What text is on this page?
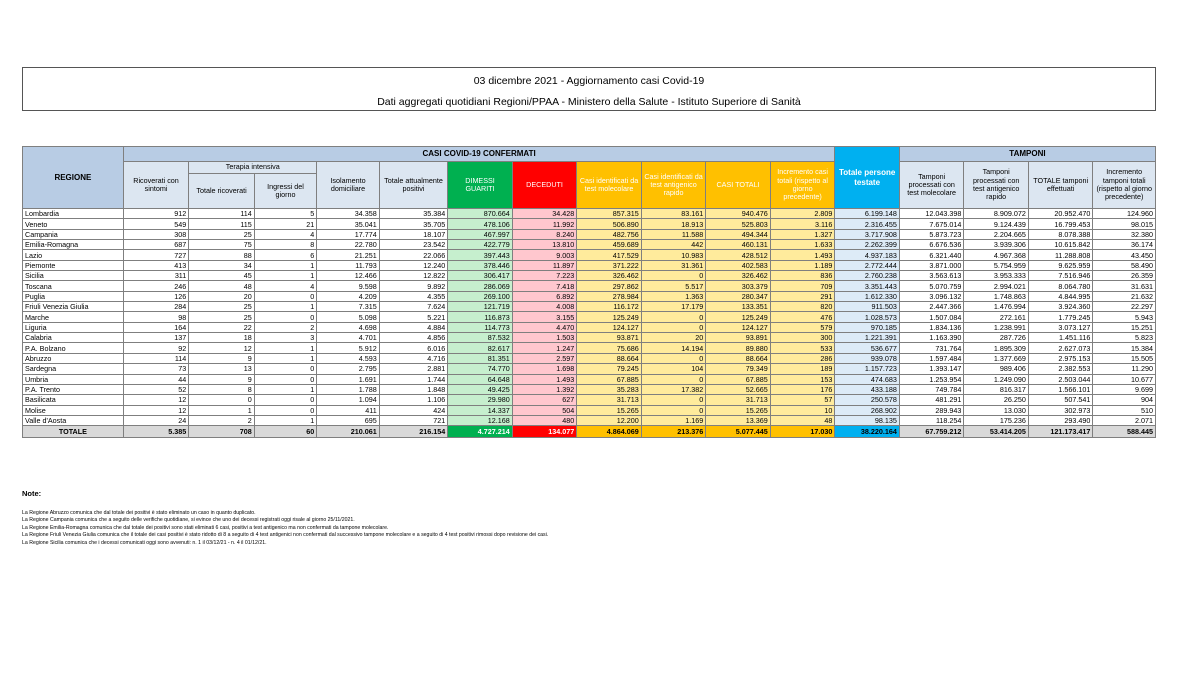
03 dicembre 2021 - Aggiornamento casi Covid-19
Dati aggregati quotidiani Regioni/PPAA - Ministero della Salute - Istituto Superiore di Sanità
REGIONE	CASI COVID-19 CONFERMATI											Totale persone testate	TAMPONI			
	Ricoverati con sintomi	Terapia intensiva		Isolamento domiciliare	Totale attualmente positivi	DIMESSI GUARITI	DECEDUTI	Casi identificati da test molecolare	Casi identificati da test antigenico rapido	CASI TOTALI	Incremento casi totali (rispetto al giorno precedente)		Tamponi processati con test molecolare	Tamponi processati con test antigenico rapido	TOTALE tamponi effettuati	Incremento tamponi totali (rispetto al giorno precedente)
		Totale ricoverati	Ingressi del giorno													
Lombardia	912	114	5	34.358	35.384	870.664	34.428	857.315	83.161	940.476	2.809	6.199.148	12.043.398	8.909.072	20.952.470	124.960
Veneto	549	115	21	35.041	35.705	478.106	11.992	506.890	18.913	525.803	3.116	2.316.455	7.675.014	9.124.439	16.799.453	98.015
Campania	308	25	4	17.774	18.107	467.997	8.240	482.756	11.588	494.344	1.327	3.717.908	5.873.723	2.204.665	8.078.388	32.380
Emilia-Romagna	687	75	8	22.780	23.542	422.779	13.810	459.689	442	460.131	1.633	2.262.399	6.676.536	3.939.306	10.615.842	36.174
Lazio	727	88	6	21.251	22.066	397.443	9.003	417.529	10.983	428.512	1.493	4.937.183	6.321.440	4.967.368	11.288.808	43.450
Piemonte	413	34	1	11.793	12.240	378.446	11.897	371.222	31.361	402.583	1.189	2.772.444	3.871.000	5.754.959	9.625.959	58.490
Sicilia	311	45	1	12.466	12.822	306.417	7.223	326.462	0	326.462	836	2.760.238	3.563.613	3.953.333	7.516.946	26.359
Toscana	246	48	4	9.598	9.892	286.069	7.418	297.862	5.517	303.379	709	3.351.443	5.070.759	2.994.021	8.064.780	31.631
Puglia	126	20	0	4.209	4.355	269.100	6.892	278.984	1.363	280.347	291	1.612.330	3.096.132	1.748.863	4.844.995	21.632
Friuli Venezia Giulia	284	25	1	7.315	7.624	121.719	4.008	116.172	17.179	133.351	820	911.503	2.447.366	1.476.994	3.924.360	22.297
Marche	98	25	0	5.098	5.221	116.873	3.155	125.249	0	125.249	476	1.028.573	1.507.084	272.161	1.779.245	5.943
Liguria	164	22	2	4.698	4.884	114.773	4.470	124.127	0	124.127	579	970.185	1.834.136	1.238.991	3.073.127	15.251
Calabria	137	18	3	4.701	4.856	87.532	1.503	93.871	20	93.891	300	1.221.391	1.163.390	287.726	1.451.116	5.823
P.A. Bolzano	92	12	1	5.912	6.016	82.617	1.247	75.686	14.194	89.880	533	536.677	731.764	1.895.309	2.627.073	15.384
Abruzzo	114	9	1	4.593	4.716	81.351	2.597	88.664	0	88.664	286	939.078	1.597.484	1.377.669	2.975.153	15.505
Sardegna	73	13	0	2.795	2.881	74.770	1.698	79.245	104	79.349	189	1.157.723	1.393.147	989.406	2.382.553	11.290
Umbria	44	9	0	1.691	1.744	64.648	1.493	67.885	0	67.885	153	474.683	1.253.954	1.249.090	2.503.044	10.677
P.A. Trento	52	8	1	1.788	1.848	49.425	1.392	35.283	17.382	52.665	176	433.188	749.784	816.317	1.566.101	9.699
Basilicata	12	0	0	1.094	1.106	29.980	627	31.713	0	31.713	57	250.578	481.291	26.250	507.541	904
Molise	12	1	0	411	424	14.337	504	15.265	0	15.265	10	268.902	289.943	13.030	302.973	510
Valle d'Aosta	24	2	1	695	721	12.168	480	12.200	1.169	13.369	48	98.135	118.254	175.236	293.490	2.071
TOTALE	5.385	708	60	210.061	216.154	4.727.214	134.077	4.864.069	213.376	5.077.445	17.030	38.220.164	67.759.212	53.414.205	121.173.417	588.445
Note:
La Regione Abruzzo comunica che dal totale dei positivi è stato eliminato un caso in quanto duplicato.
La Regione Campania comunica che a seguito delle verifiche quotidiane, si evince che uno dei decessi registrati oggi risale al giorno 25/11/2021.
La Regione Emilia-Romagna comunica che dal totale dei positivi sono stati eliminati 6 casi, positivi a test antigenico ma non confermati da tampone molecolare.
La Regione Friuli Venezia Giulia comunica che il totale dei casi positivi è stato ridotto di 8 a seguito di 4 test antigenici non confermati dal successivo tampone molecolare e a seguito di 4 test positivi rimossi dopo revisione dei casi.
La Regione Sicilia comunica che i decessi comunicati oggi sono avvenuti: n. 1 il 03/12/21 - n. 4 il 01/12/21.
